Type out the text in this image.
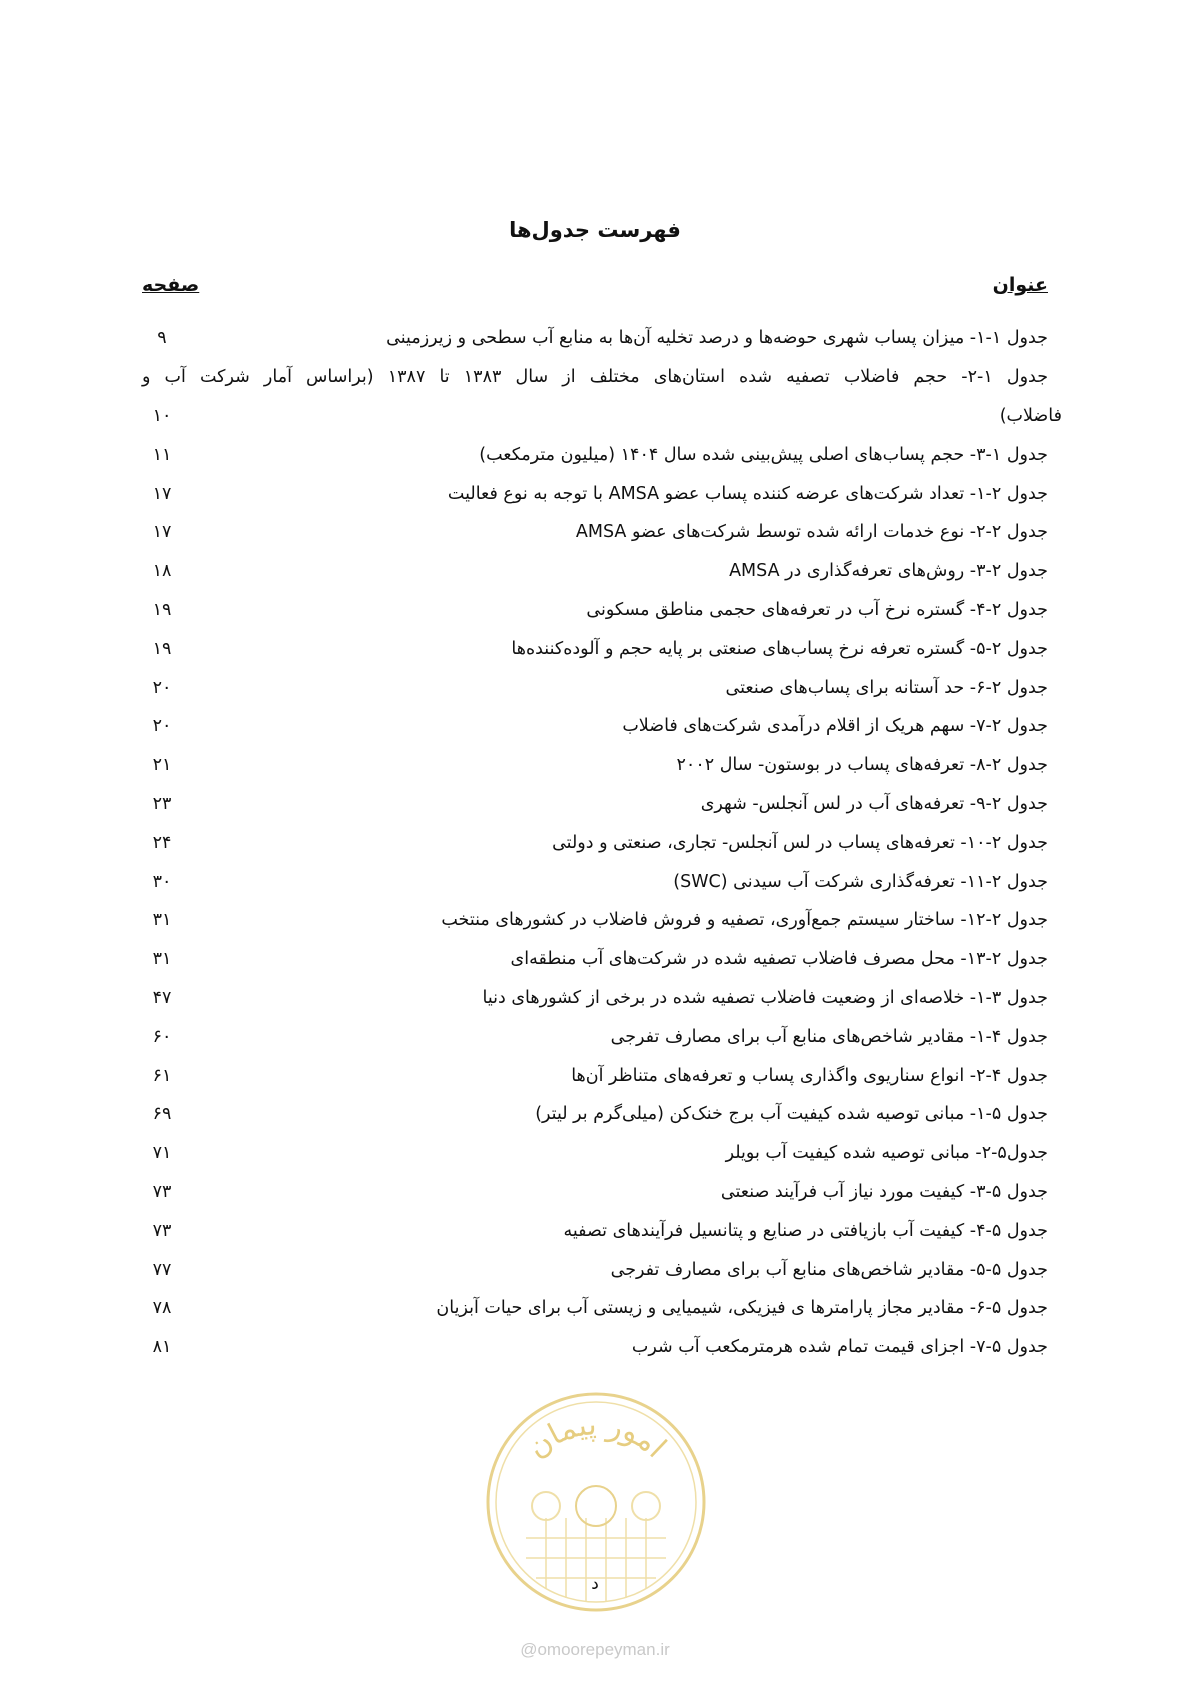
فهرست جدول‌ها
عنوان
صفحه
جدول ۱-۱- میزان پساب شهری حوضه‌ها و درصد تخلیه آن‌ها به منابع آب سطحی و زیرزمینی
۹
جدول ۱-۲- حجم فاضلاب تصفیه شده استان‌های مختلف از سال ۱۳۸۳ تا ۱۳۸۷ (براساس آمار شرکت آب و
فاضلاب)
۱۰
جدول ۱-۳- حجم پساب‌های اصلی پیش‌بینی شده سال ۱۴۰۴ (میلیون مترمکعب)
۱۱
جدول ۲-۱- تعداد شرکت‌های عرضه کننده پساب عضو AMSA با توجه به نوع فعالیت
۱۷
جدول ۲-۲- نوع خدمات ارائه شده توسط شرکت‌های عضو AMSA
۱۷
جدول ۲-۳- روش‌های تعرفه‌گذاری در AMSA
۱۸
جدول ۲-۴- گستره نرخ آب در تعرفه‌های حجمی مناطق مسکونی
۱۹
جدول ۲-۵- گستره تعرفه نرخ پساب‌های صنعتی بر پایه حجم و آلوده‌کننده‌ها
۱۹
جدول ۲-۶- حد آستانه برای پساب‌های صنعتی
۲۰
جدول ۲-۷- سهم هریک از اقلام درآمدی شرکت‌های فاضلاب
۲۰
جدول ۲-۸- تعرفه‌های پساب در بوستون- سال ۲۰۰۲
۲۱
جدول ۲-۹- تعرفه‌های آب در لس آنجلس- شهری
۲۳
جدول ۲-۱۰- تعرفه‌های پساب در لس آنجلس- تجاری، صنعتی و دولتی
۲۴
جدول ۲-۱۱- تعرفه‌گذاری شرکت آب سیدنی (SWC)
۳۰
جدول ۲-۱۲- ساختار سیستم جمع‌آوری، تصفیه و فروش فاضلاب در کشورهای منتخب
۳۱
جدول ۲-۱۳- محل مصرف فاضلاب تصفیه شده در شرکت‌های آب منطقه‌ای
۳۱
جدول ۳-۱- خلاصه‌ای از وضعیت فاضلاب تصفیه شده در برخی از کشورهای دنیا
۴۷
جدول ۴-۱- مقادیر شاخص‌های منابع آب برای مصارف تفرجی
۶۰
جدول ۴-۲- انواع سناریوی واگذاری پساب و تعرفه‌های متناظر آن‌ها
۶۱
جدول ۵-۱- مبانی توصیه شده کیفیت آب برج خنک‌کن (میلی‌گرم بر لیتر)
۶۹
جدول۵-۲- مبانی توصیه شده کیفیت آب بویلر
۷۱
جدول ۵-۳- کیفیت مورد نیاز آب فرآیند صنعتی
۷۳
جدول ۵-۴- کیفیت آب بازیافتی در صنایع و پتانسیل فرآیندهای تصفیه
۷۳
جدول ۵-۵- مقادیر شاخص‌های منابع آب برای مصارف تفرجی
۷۷
جدول ۵-۶- مقادیر مجاز پارامترها ی فیزیکی، شیمیایی و زیستی آب برای حیات آبزیان
۷۸
جدول ۵-۷- اجزای قیمت تمام شده هرمترمکعب آب شرب
۸۱
امور پیمان
د
@omoorepeyman.ir
